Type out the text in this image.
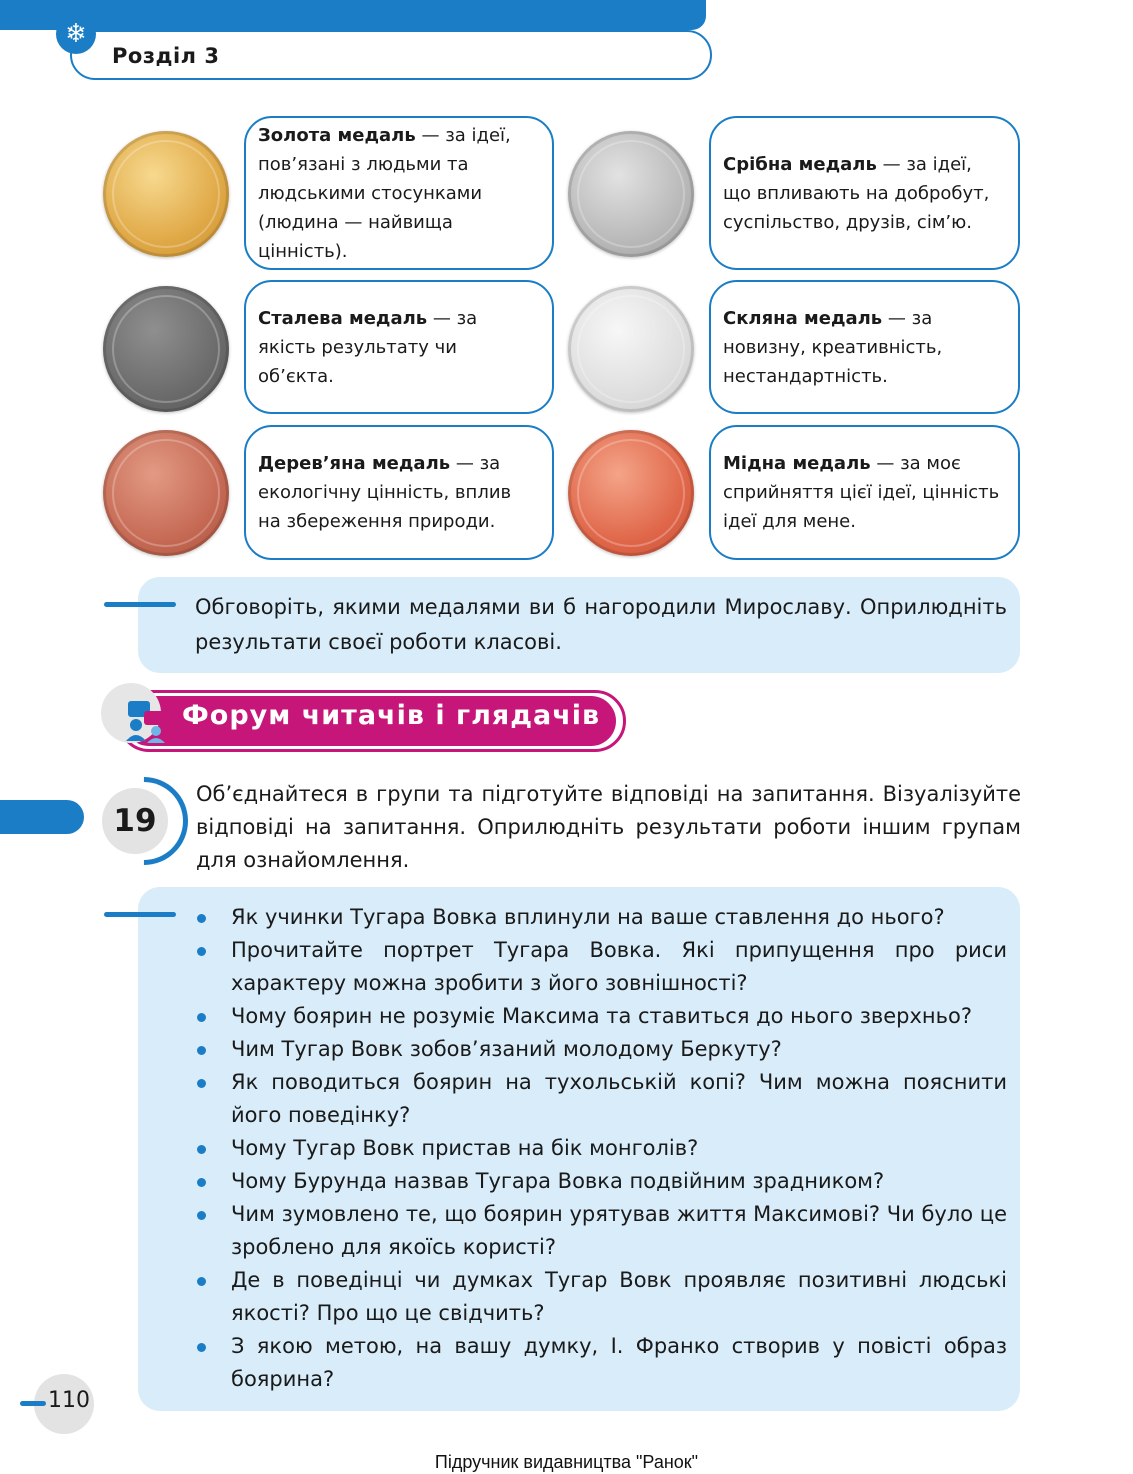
❄
Розділ 3
Золота медаль — за ідеї, пов’язані з людьми та людськими стосунками (людина — найвища цінність).
Срібна медаль — за ідеї, що впливають на добробут, суспільство, друзів, сім’ю.
Сталева медаль — за якість результату чи об’єкта.
Скляна медаль — за новизну, креативність, нестандартність.
Дерев’яна медаль — за екологічну цінність, вплив на збереження природи.
Мідна медаль — за моє сприйняття цієї ідеї, цінність ідеї для мене.
Обговоріть, якими медалями ви б нагородили Мирославу. Оприлюдніть результати своєї роботи класові.
Форум читачів і глядачів
19
Об’єднайтеся в групи та підготуйте відповіді на запитання. Візуалізуйте відповіді на запитання. Оприлюдніть результати роботи іншим групам для ознайомлення.
Як учинки Тугара Вовка вплинули на ваше ставлення до нього?
Прочитайте портрет Тугара Вовка. Які припущення про риси характеру можна зробити з його зовнішності?
Чому боярин не розуміє Максима та ставиться до нього зверхньо?
Чим Тугар Вовк зобов’язаний молодому Беркуту?
Як поводиться боярин на тухольській копі? Чим можна пояснити його поведінку?
Чому Тугар Вовк пристав на бік монголів?
Чому Бурунда назвав Тугара Вовка подвійним зрадником?
Чим зумовлено те, що боярин урятував життя Максимові? Чи було це зроблено для якоїсь користі?
Де в поведінці чи думках Тугар Вовк проявляє позитивні людські якості? Про що це свідчить?
З якою метою, на вашу думку, І. Франко створив у повісті образ боярина?
110
Підручник видавництва "Ранок"
